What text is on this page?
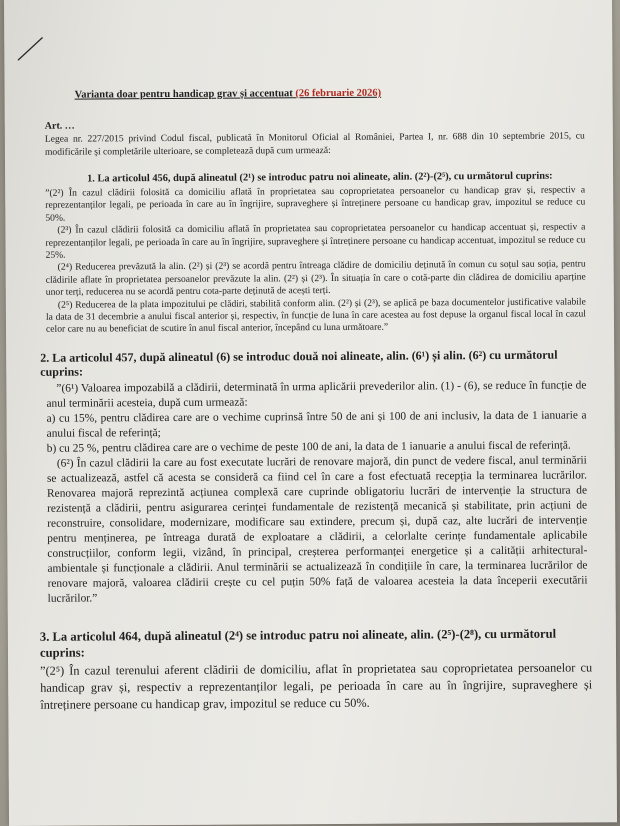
Varianta doar pentru handicap grav și accentuat (26 februarie 2026)
Art. …
Legea nr. 227/2015 privind Codul fiscal, publicată în Monitorul Oficial al României, Partea I, nr. 688 din 10 septembrie 2015, cu modificările și completările ulterioare, se completează după cum urmează:
1. La articolul 456, după alineatul (2¹) se introduc patru noi alineate, alin. (2²)-(2⁵), cu următorul cuprins:

”(2²) În cazul clădirii folosită ca domiciliu aflată în proprietatea sau coproprietatea persoanelor cu handicap grav și, respectiv a reprezentanților legali, pe perioada în care au în îngrijire, supraveghere și întreținere persoane cu handicap grav, impozitul se reduce cu 50%.

(2³) În cazul clădirii folosită ca domiciliu aflată în proprietatea sau coproprietatea persoanelor cu handicap accentuat și, respectiv a reprezentanților legali, pe perioada în care au în îngrijire, supraveghere și întreținere persoane cu handicap accentuat, impozitul se reduce cu 25%.

(2⁴) Reducerea prevăzută la alin. (2²) și (2³) se acordă pentru întreaga clădire de domiciliu deținută în comun cu soțul sau soția, pentru clădirile aflate în proprietatea persoanelor prevăzute la alin. (2²) și (2³). În situația în care o cotă-parte din clădirea de domiciliu aparține unor terți, reducerea nu se acordă pentru cota-parte deținută de acești terți.

(2⁵) Reducerea de la plata impozitului pe clădiri, stabilită conform alin. (2²) și (2³), se aplică pe baza documentelor justificative valabile la data de 31 decembrie a anului fiscal anterior și, respectiv, în funcție de luna în care acestea au fost depuse la organul fiscal local în cazul celor care nu au beneficiat de scutire în anul fiscal anterior, începând cu luna următoare.”

2. La articolul 457, după alineatul (6) se introduc două noi alineate, alin. (6¹) și alin. (6²) cu următorul cuprins:

”(6¹) Valoarea impozabilă a clădirii, determinată în urma aplicării prevederilor alin. (1) - (6), se reduce în funcție de anul terminării acesteia, după cum urmează:

a) cu 15%, pentru clădirea care are o vechime cuprinsă între 50 de ani și 100 de ani inclusiv, la data de 1 ianuarie a anului fiscal de referință;

b) cu 25 %, pentru clădirea care are o vechime de peste 100 de ani, la data de 1 ianuarie a anului fiscal de referință.

(6²) În cazul clădirii la care au fost executate lucrări de renovare majoră, din punct de vedere fiscal, anul terminării se actualizează, astfel că acesta se consideră ca fiind cel în care a fost efectuată recepția la terminarea lucrărilor. Renovarea majoră reprezintă acțiunea complexă care cuprinde obligatoriu lucrări de intervenție la structura de rezistență a clădirii, pentru asigurarea cerinței fundamentale de rezistență mecanică și stabilitate, prin acțiuni de reconstruire, consolidare, modernizare, modificare sau extindere, precum și, după caz, alte lucrări de intervenție pentru menținerea, pe întreaga durată de exploatare a clădirii, a celorlalte cerințe fundamentale aplicabile construcțiilor, conform legii, vizând, în principal, creșterea performanței energetice și a calității arhitectural-ambientale și funcționale a clădirii. Anul terminării se actualizează în condițiile în care, la terminarea lucrărilor de renovare majoră, valoarea clădirii crește cu cel puțin 50% față de valoarea acesteia la data începerii executării lucrărilor.”

3. La articolul 464, după alineatul (2⁴) se introduc patru noi alineate, alin. (2⁵)-(2⁸), cu următorul cuprins:

”(2⁵) În cazul terenului aferent clădirii de domiciliu, aflat în proprietatea sau coproprietatea persoanelor cu handicap grav și, respectiv a reprezentanților legali, pe perioada în care au în îngrijire, supraveghere și întreținere persoane cu handicap grav, impozitul se reduce cu 50%.
